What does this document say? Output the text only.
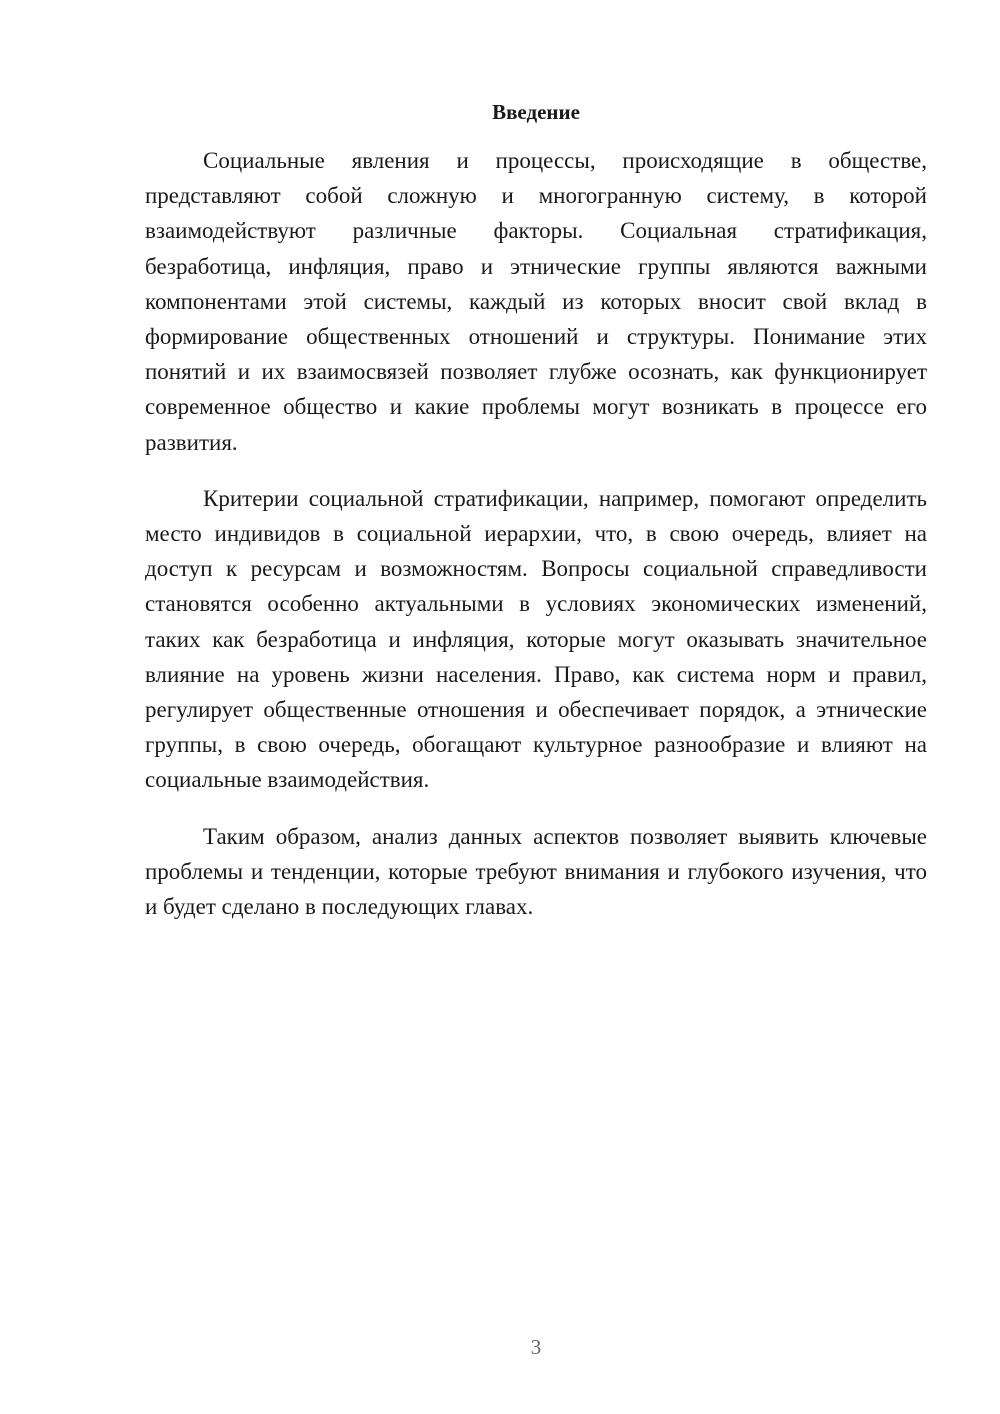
Введение

Социальные явления и процессы, происходящие в обществе, представляют собой сложную и многогранную систему, в которой взаимодействуют различные факторы. Социальная стратификация, безработица, инфляция, право и этнические группы являются важными компонентами этой системы, каждый из которых вносит свой вклад в формирование общественных отношений и структуры. Понимание этих понятий и их взаимосвязей позволяет глубже осознать, как функционирует современное общество и какие проблемы могут возникать в процессе его развития.

Критерии социальной стратификации, например, помогают определить место индивидов в социальной иерархии, что, в свою очередь, влияет на доступ к ресурсам и возможностям. Вопросы социальной справедливости становятся особенно актуальными в условиях экономических изменений, таких как безработица и инфляция, которые могут оказывать значительное влияние на уровень жизни населения. Право, как система норм и правил, регулирует общественные отношения и обеспечивает порядок, а этнические группы, в свою очередь, обогащают культурное разнообразие и влияют на социальные взаимодействия.

Таким образом, анализ данных аспектов позволяет выявить ключевые проблемы и тенденции, которые требуют внимания и глубокого изучения, что и будет сделано в последующих главах.

3
